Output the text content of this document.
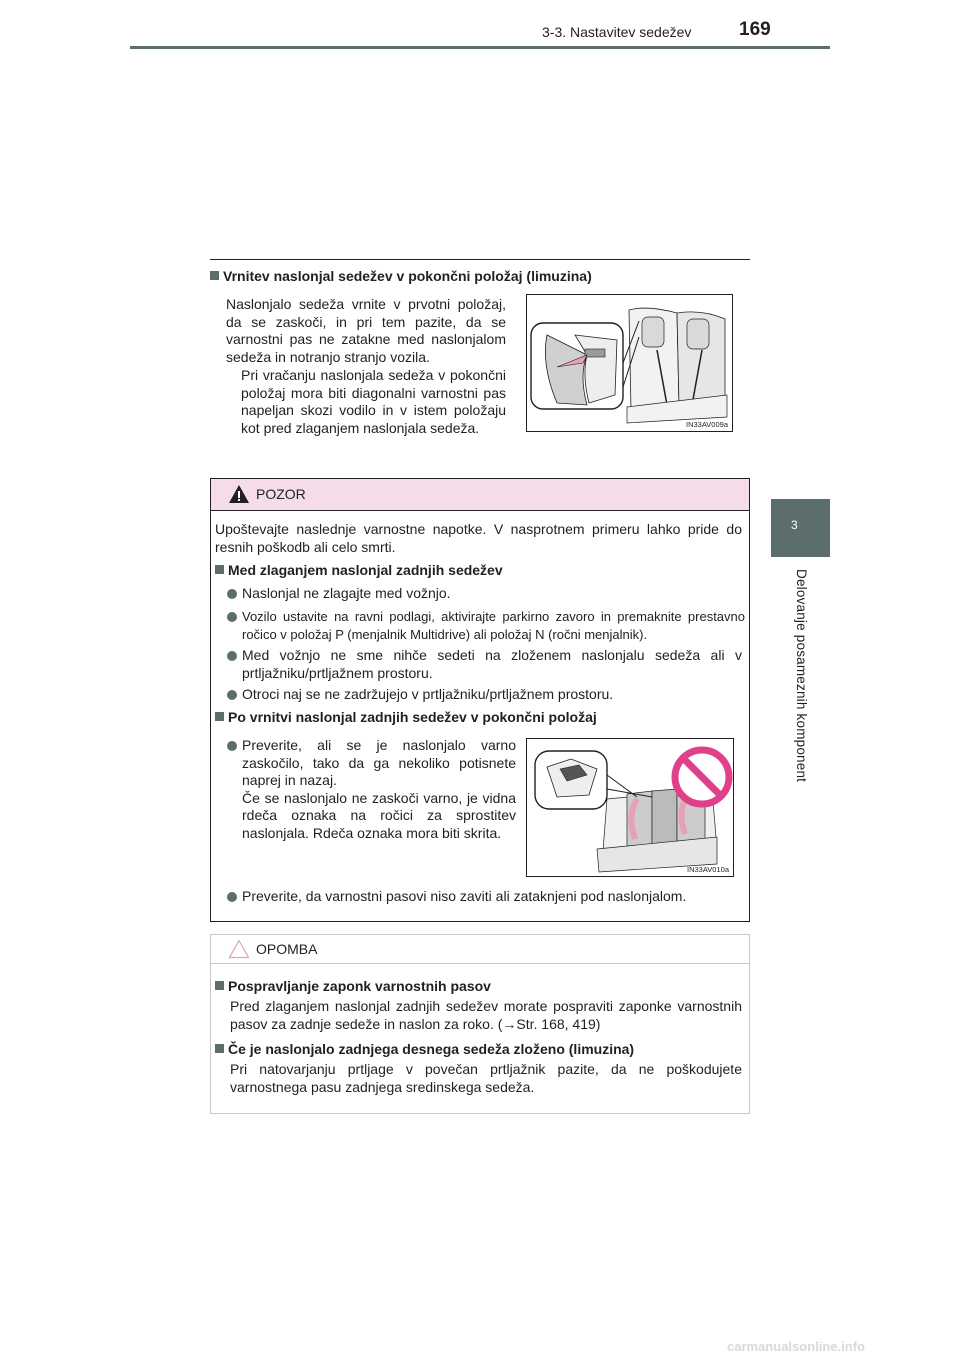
3-3. Nastavitev sedežev	169
3
Delovanje posameznih komponent
Vrnitev naslonjal sedežev v pokončni položaj (limuzina)
Naslonjalo sedeža vrnite v prvotni položaj, da se zaskoči, in pri tem pazite, da se varnostni pas ne zatakne med naslonjalom sedeža in notranjo stranjo vozila.
Pri vračanju naslonjala sedeža v pokončni položaj mora biti diagonalni varnostni pas napeljan skozi vodilo in v istem položaju kot pred zlaganjem naslonjala sedeža.	IN33AV009a
POZOR
Upoštevajte naslednje varnostne napotke. V nasprotnem primeru lahko pride do resnih poškodb ali celo smrti.
Med zlaganjem naslonjal zadnjih sedežev
Naslonjal ne zlagajte med vožnjo.
Vozilo ustavite na ravni podlagi, aktivirajte parkirno zavoro in premaknite prestavno ročico v položaj P (menjalnik Multidrive) ali položaj N (ročni menjalnik).
Med vožnjo ne sme nihče sedeti na zloženem naslonjalu sedeža ali v prtljažniku/prtljažnem prostoru.
Otroci naj se ne zadržujejo v prtljažniku/prtljažnem prostoru.
Po vrnitvi naslonjal zadnjih sedežev v pokončni položaj
Preverite, ali se je naslonjalo varno zaskočilo, tako da ga nekoliko potisnete naprej in nazaj.
Če se naslonjalo ne zaskoči varno, je vidna rdeča oznaka na ročici za sprostitev naslonjala. Rdeča oznaka mora biti skrita.
IN33AV010a
Preverite, da varnostni pasovi niso zaviti ali zataknjeni pod naslonjalom.
OPOMBA
Pospravljanje zaponk varnostnih pasov
Pred zlaganjem naslonjal zadnjih sedežev morate pospraviti zaponke varnostnih pasov za zadnje sedeže in naslon za roko. (→Str. 168, 419)
Če je naslonjalo zadnjega desnega sedeža zloženo (limuzina)
Pri natovarjanju prtljage v povečan prtljažnik pazite, da ne poškodujete varnostnega pasu zadnjega sredinskega sedeža.
carmanualsonline.info
